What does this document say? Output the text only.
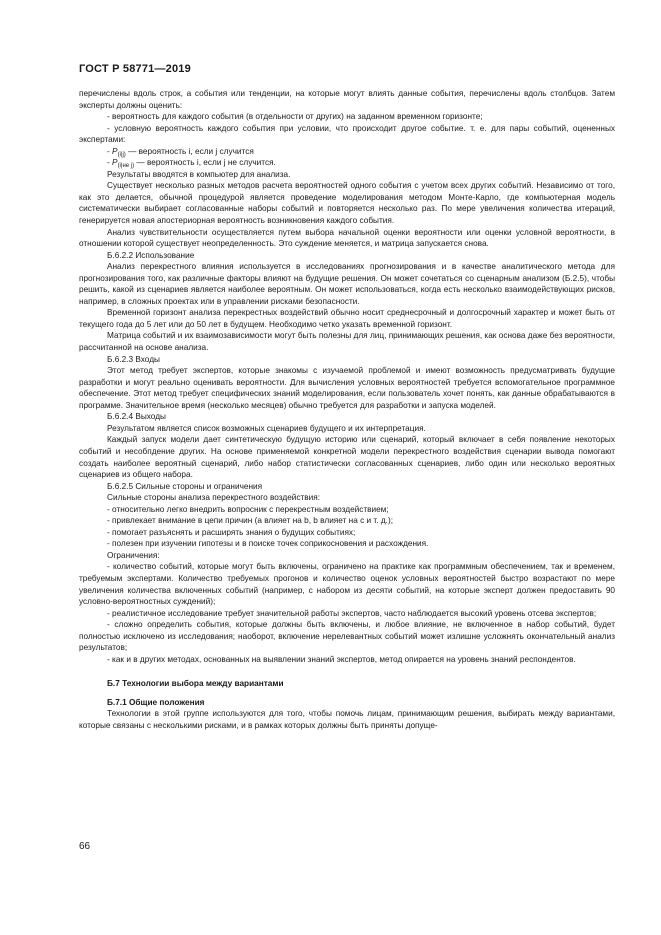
ГОСТ Р 58771—2019

перечислены вдоль строк, а события или тенденции, на которые могут влиять данные события, перечислены вдоль столбцов. Затем эксперты должны оценить:

- вероятность для каждого события (в отдельности от других) на заданном временном горизонте;

- условную вероятность каждого события при условии, что происходит другое событие. т. е. для пары событий, оцененных экспертами:

- $P_{(i|j)}$ — вероятность i, если j случится

- $P_{(i|не j)}$ — вероятность i, если j не случится.

Результаты вводятся в компьютер для анализа.

Существует несколько разных методов расчета вероятностей одного события с учетом всех других событий. Независимо от того, как это делается, обычной процедурой является проведение моделирования методом Монте-Карло, где компьютерная модель систематически выбирает согласованные наборы событий и повторяется несколько раз. По мере увеличения количества итераций, генерируется новая апостериорная вероятность возникновения каждого события.

Анализ чувствительности осуществляется путем выбора начальной оценки вероятности или оценки условной вероятности, в отношении которой существует неопределенность. Это суждение меняется, и матрица запускается снова.

Б.6.2.2 Использование

Анализ перекрестного влияния используется в исследованиях прогнозирования и в качестве аналитического метода для прогнозирования того, как различные факторы влияют на будущие решения. Он может сочетаться со сценарным анализом (Б.2.5), чтобы решить, какой из сценариев является наиболее вероятным. Он может использоваться, когда есть несколько взаимодействующих рисков, например, в сложных проектах или в управлении рисками безопасности.

Временной горизонт анализа перекрестных воздействий обычно носит среднесрочный и долгосрочный характер и может быть от текущего года до 5 лет или до 50 лет в будущем. Необходимо четко указать временной горизонт.

Матрица событий и их взаимозависимости могут быть полезны для лиц, принимающих решения, как основа даже без вероятности, рассчитанной на основе анализа.

Б.6.2.3 Входы

Этот метод требует экспертов, которые знакомы с изучаемой проблемой и имеют возможность предусматривать будущие разработки и могут реально оценивать вероятности. Для вычисления условных вероятностей требуется вспомогательное программное обеспечение. Этот метод требует специфических знаний моделирования, если пользователь хочет понять, как данные обрабатываются в программе. Значительное время (несколько месяцев) обычно требуется для разработки и запуска моделей.

Б.6.2.4 Выходы

Результатом является список возможных сценариев будущего и их интерпретация.

Каждый запуск модели дает синтетическую будущую историю или сценарий, который включает в себя появление некоторых событий и несобпдение других. На основе применяемой конкретной модели перекрестного воздействия сценарии вывода помогают создать наиболее вероятный сценарий, либо набор статистически согласованных сценариев, либо один или несколько вероятных сценариев из общего набора.

Б.6.2.5 Сильные стороны и ограничения

Сильные стороны анализа перекрестного воздействия:

- относительно легко внедрить вопросник с перекрестным воздействием;

- привлекает внимание в цепи причин (a влияет на b, b влияет на c и т. д.);

- помогает разъяснять и расширять знания о будущих событиях;

- полезен при изучении гипотезы и в поиске точек соприкосновения и расхождения.

Ограничения:

- количество событий, которые могут быть включены, ограничено на практике как программным обеспечением, так и временем, требуемым экспертами. Количество требуемых прогонов и количество оценок условных вероятностей быстро возрастают по мере увеличения количества включенных событий (например, с набором из десяти событий, на которые эксперт должен предоставить 90 условно-вероятностных суждений);

- реалистичное исследование требует значительной работы экспертов, часто наблюдается высокий уровень отсева экспертов;

- сложно определить события, которые должны быть включены, и любое влияние, не включенное в набор событий, будет полностью исключено из исследования; наоборот, включение нерелевантных событий может излишне усложнять окончательный анализ результатов;

- как и в других методах, основанных на выявлении знаний экспертов, метод опирается на уровень знаний респондентов.

Б.7 Технологии выбора между вариантами

Б.7.1 Общие положения

Технологии в этой группе используются для того, чтобы помочь лицам, принимающим решения, выбирать между вариантами, которые связаны с несколькими рисками, и в рамках которых должны быть приняты допуще-

66
